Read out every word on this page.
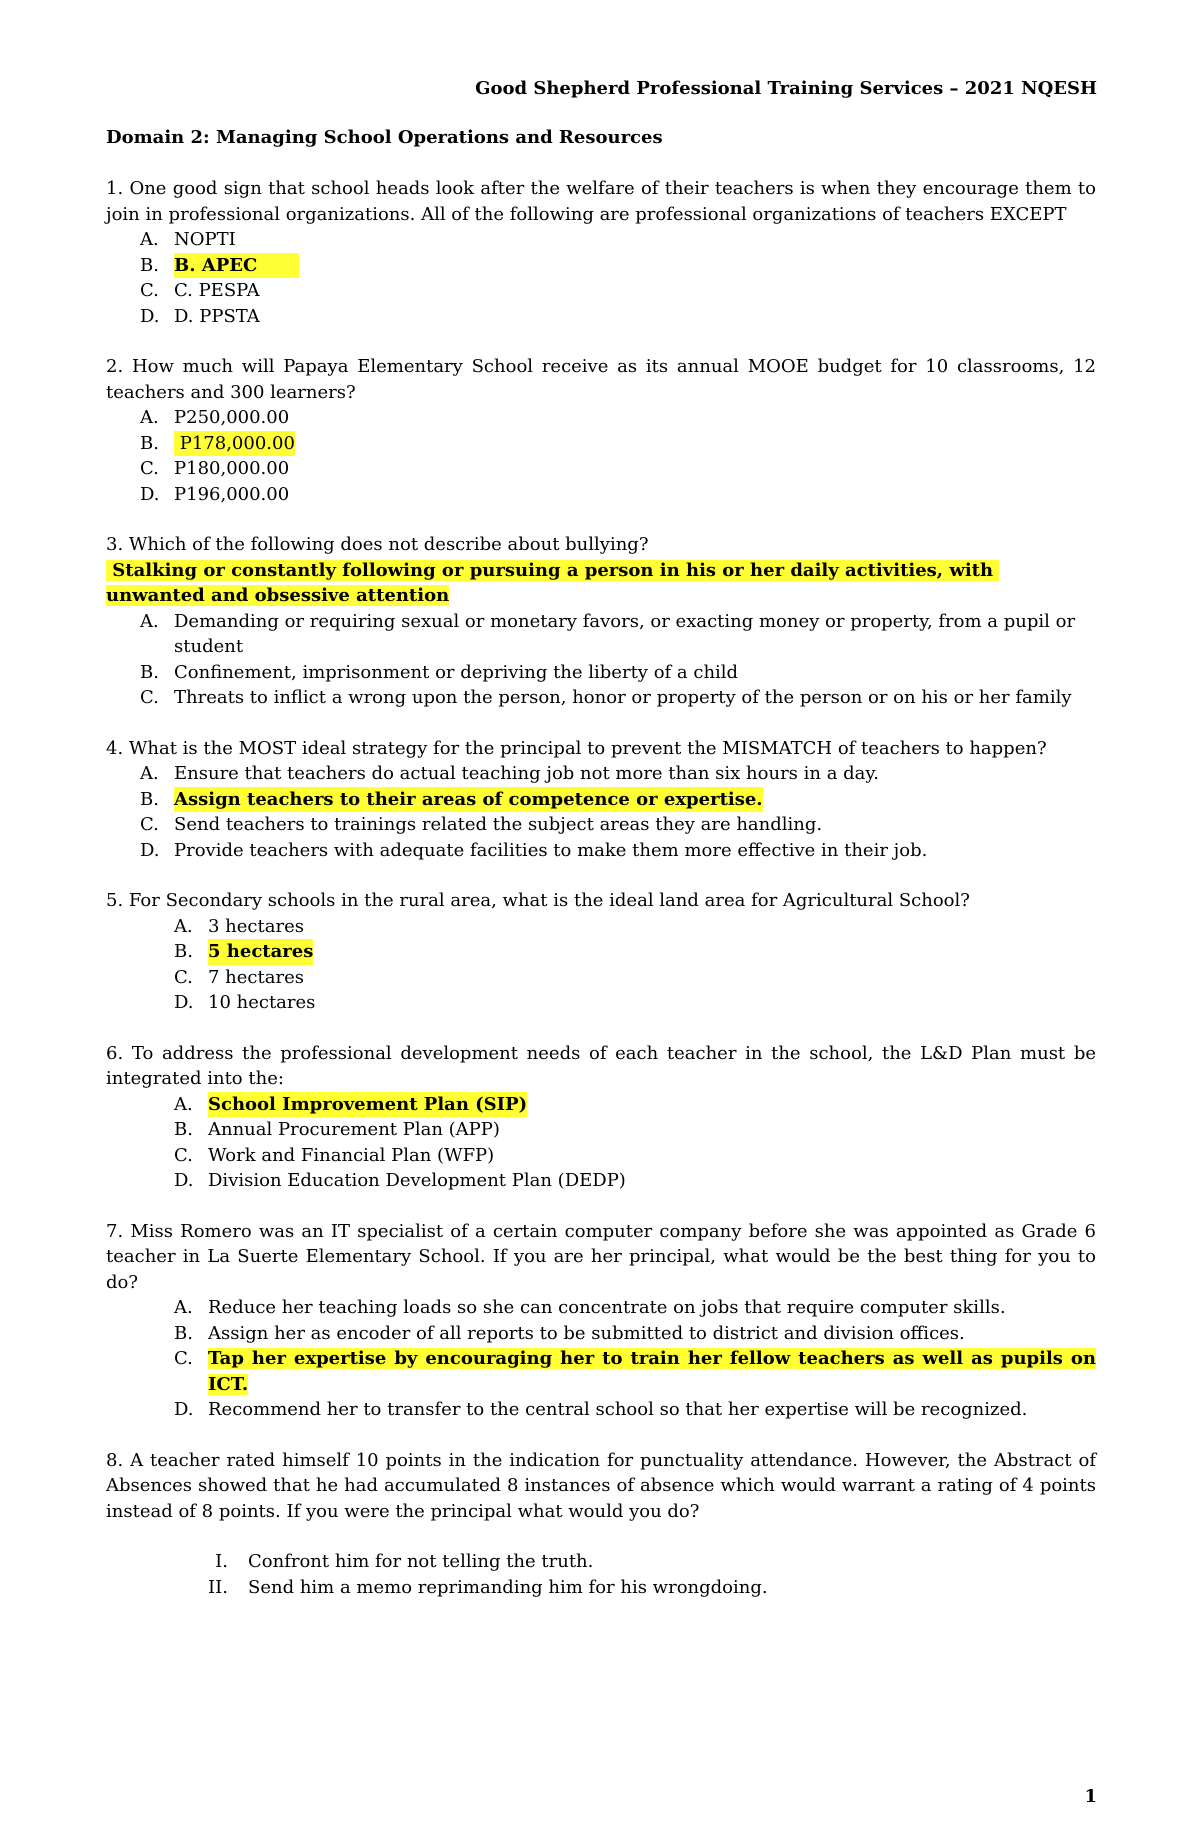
Good Shepherd Professional Training Services – 2021 NQESH
Domain 2: Managing School Operations and Resources
1. One good sign that school heads look after the welfare of their teachers is when they encourage them to join in professional organizations. All of the following are professional organizations of teachers EXCEPT
A. NOPTI
B. B. APEC
C. C. PESPA
D. D. PPSTA
2. How much will Papaya Elementary School receive as its annual MOOE budget for 10 classrooms, 12 teachers and 300 learners?
A. P250,000.00
B. P178,000.00
C. P180,000.00
D. P196,000.00
3. Which of the following does not describe about bullying?
Stalking or constantly following or pursuing a person in his or her daily activities, with unwanted and obsessive attention
A. Demanding or requiring sexual or monetary favors, or exacting money or property, from a pupil or student
B. Confinement, imprisonment or depriving the liberty of a child
C. Threats to inflict a wrong upon the person, honor or property of the person or on his or her family
4. What is the MOST ideal strategy for the principal to prevent the MISMATCH of teachers to happen?
A. Ensure that teachers do actual teaching job not more than six hours in a day.
B. Assign teachers to their areas of competence or expertise.
C. Send teachers to trainings related the subject areas they are handling.
D. Provide teachers with adequate facilities to make them more effective in their job.
5. For Secondary schools in the rural area, what is the ideal land area for Agricultural School?
A. 3 hectares
B. 5 hectares
C. 7 hectares
D. 10 hectares
6. To address the professional development needs of each teacher in the school, the L&D Plan must be integrated into the:
A. School Improvement Plan (SIP)
B. Annual Procurement Plan (APP)
C. Work and Financial Plan (WFP)
D. Division Education Development Plan (DEDP)
7. Miss Romero was an IT specialist of a certain computer company before she was appointed as Grade 6 teacher in La Suerte Elementary School. If you are her principal, what would be the best thing for you to do?
A. Reduce her teaching loads so she can concentrate on jobs that require computer skills.
B. Assign her as encoder of all reports to be submitted to district and division offices.
C. Tap her expertise by encouraging her to train her fellow teachers as well as pupils on ICT.
D. Recommend her to transfer to the central school so that her expertise will be recognized.
8. A teacher rated himself 10 points in the indication for punctuality attendance. However, the Abstract of Absences showed that he had accumulated 8 instances of absence which would warrant a rating of 4 points instead of 8 points. If you were the principal what would you do?
I.	Confront him for not telling the truth.
II.	Send him a memo reprimanding him for his wrongdoing.
1
